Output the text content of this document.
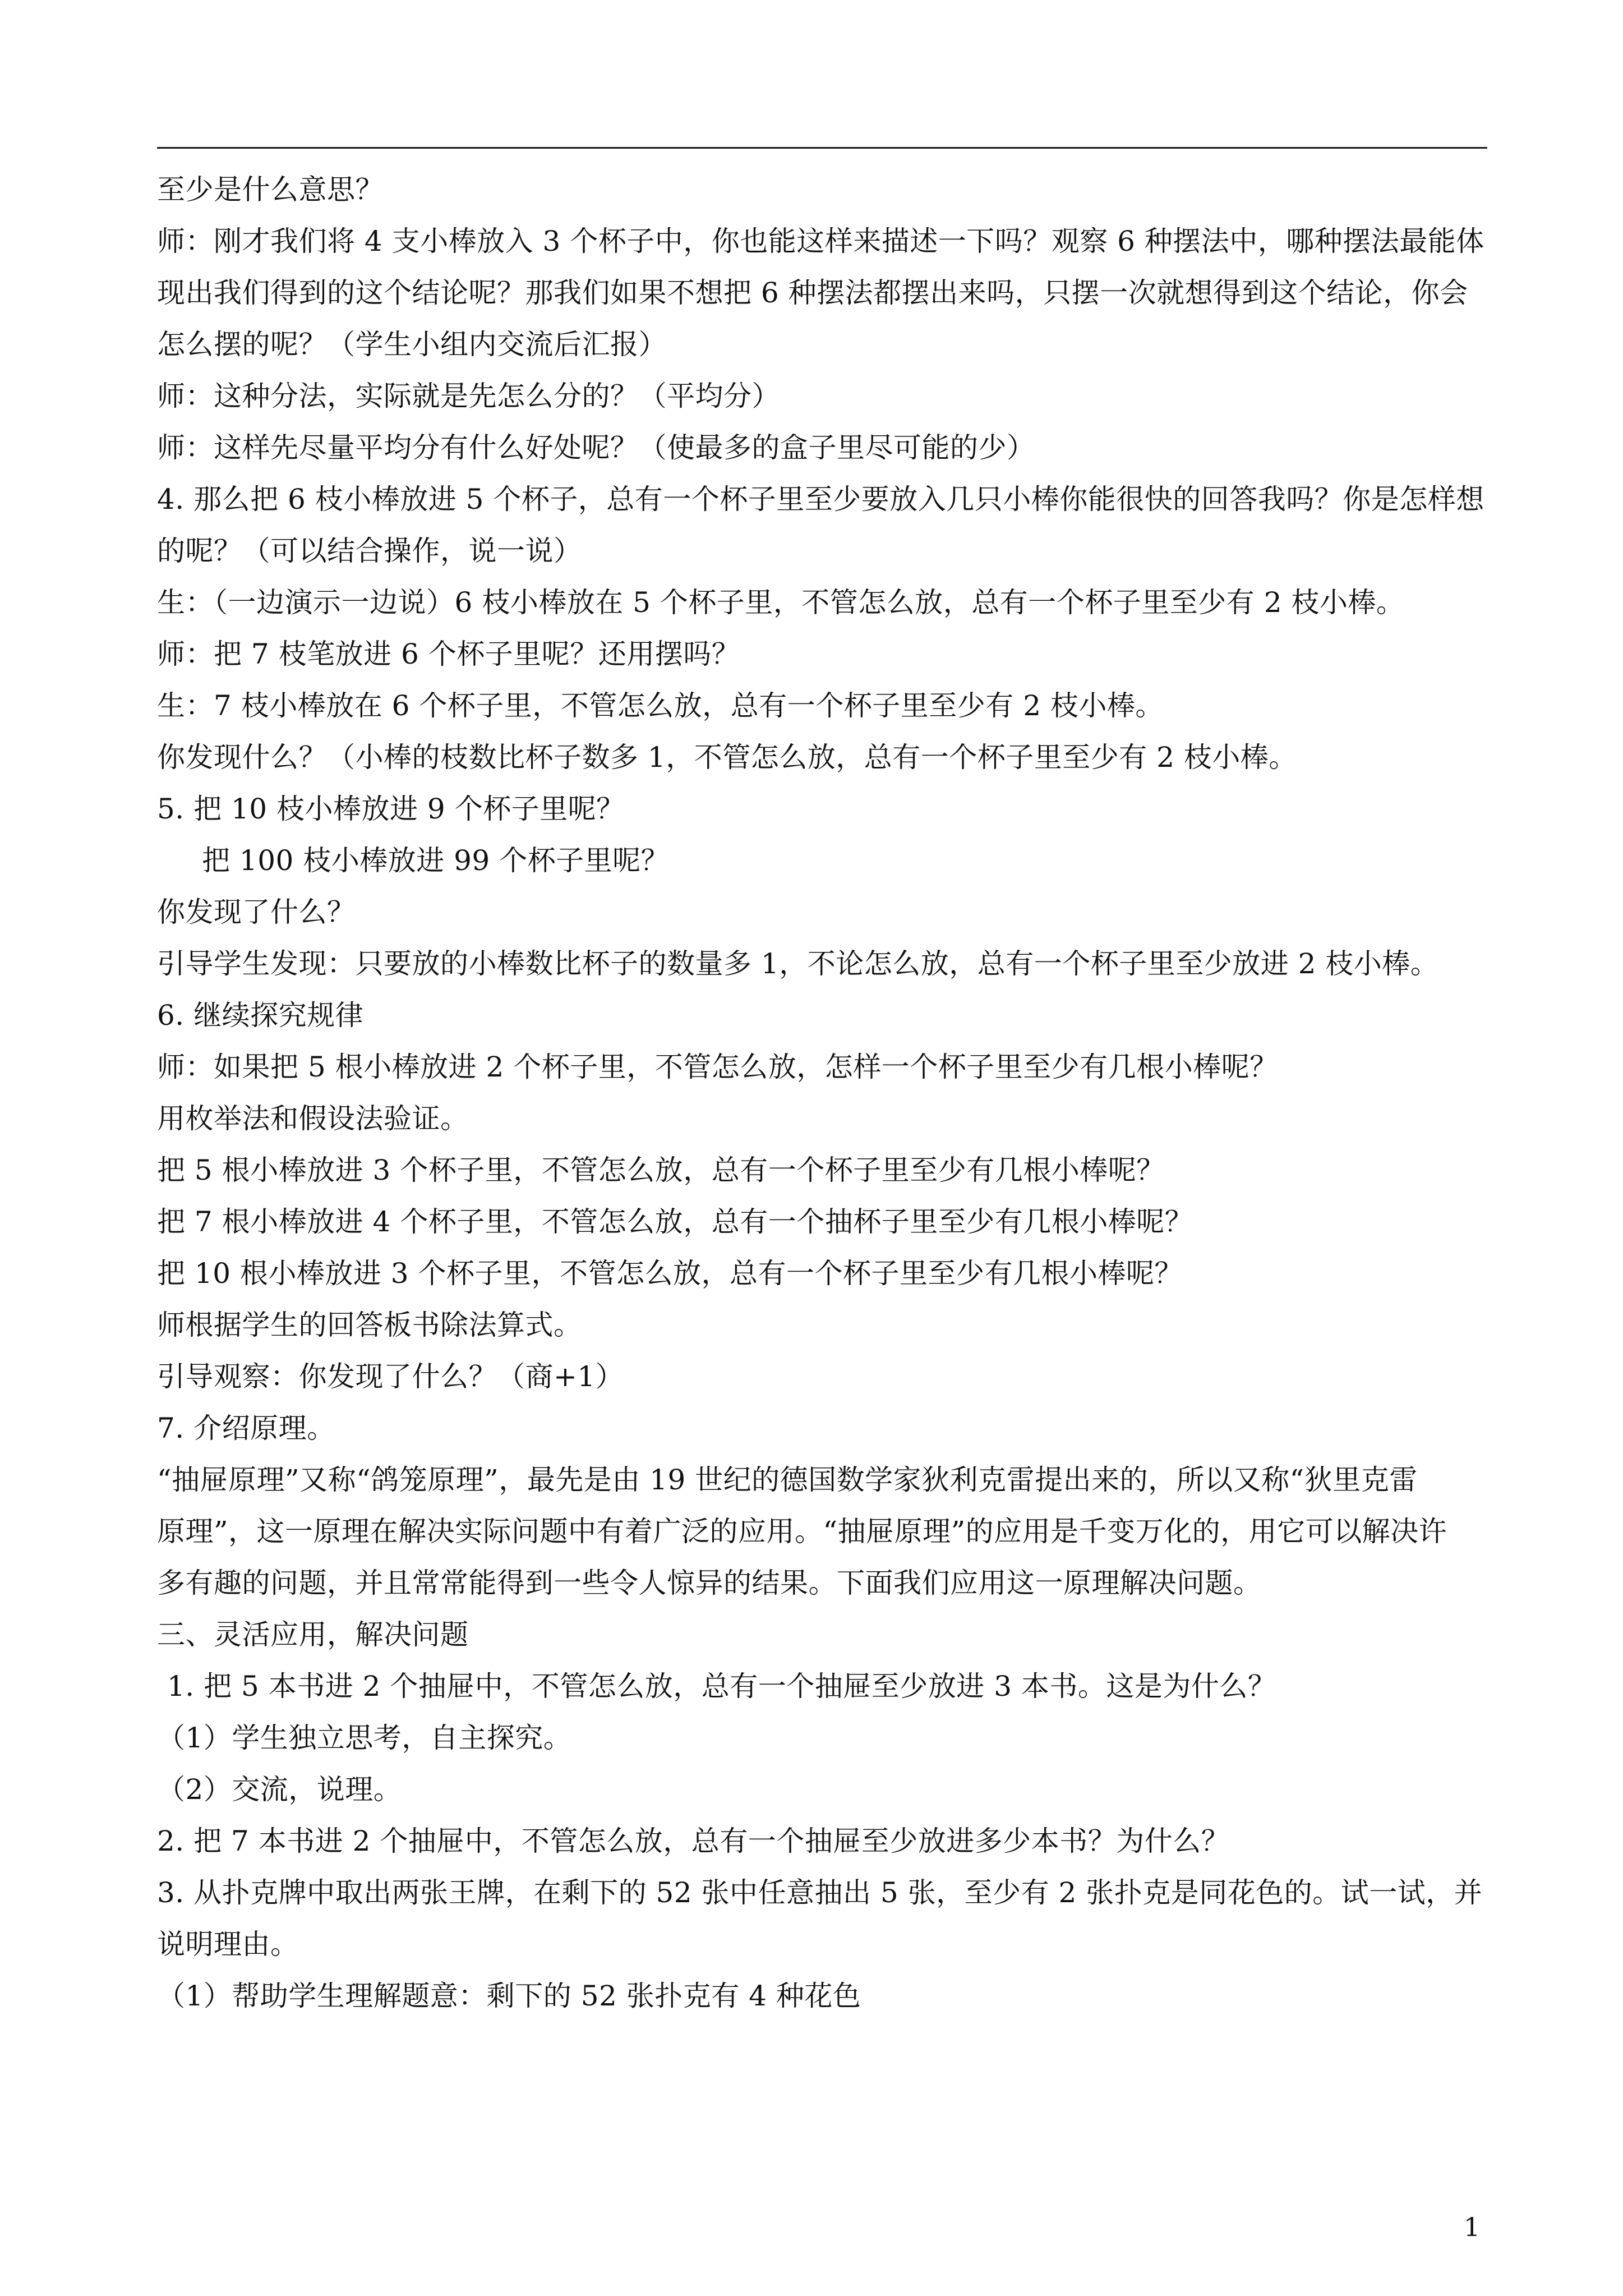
至少是什么意思？
师：刚才我们将 4 支小棒放入 3 个杯子中，你也能这样来描述一下吗？观察 6 种摆法中，哪种摆法最能体
现出我们得到的这个结论呢？那我们如果不想把 6 种摆法都摆出来吗，只摆一次就想得到这个结论，你会
怎么摆的呢？（学生小组内交流后汇报）
师：这种分法，实际就是先怎么分的？（平均分）
师：这样先尽量平均分有什么好处呢？（使最多的盒子里尽可能的少）
4. 那么把 6 枝小棒放进 5 个杯子，总有一个杯子里至少要放入几只小棒你能很快的回答我吗？你是怎样想
的呢？（可以结合操作，说一说）
生：（一边演示一边说）6 枝小棒放在 5 个杯子里，不管怎么放，总有一个杯子里至少有 2 枝小棒。
师：把 7 枝笔放进 6 个杯子里呢？还用摆吗？
生：7 枝小棒放在 6 个杯子里，不管怎么放，总有一个杯子里至少有 2 枝小棒。
你发现什么？（小棒的枝数比杯子数多 1，不管怎么放，总有一个杯子里至少有 2 枝小棒。
5. 把 10 枝小棒放进 9 个杯子里呢？
把 100 枝小棒放进 99 个杯子里呢？
你发现了什么？
引导学生发现：只要放的小棒数比杯子的数量多 1，不论怎么放，总有一个杯子里至少放进 2 枝小棒。
6. 继续探究规律
师：如果把 5 根小棒放进 2 个杯子里，不管怎么放，怎样一个杯子里至少有几根小棒呢？
用枚举法和假设法验证。
把 5 根小棒放进 3 个杯子里，不管怎么放，总有一个杯子里至少有几根小棒呢？
把 7 根小棒放进 4 个杯子里，不管怎么放，总有一个抽杯子里至少有几根小棒呢？
把 10 根小棒放进 3 个杯子里，不管怎么放，总有一个杯子里至少有几根小棒呢？
师根据学生的回答板书除法算式。
引导观察：你发现了什么？（商+1）
7. 介绍原理。
“抽屉原理”又称“鸽笼原理”，最先是由 19 世纪的德国数学家狄利克雷提出来的，所以又称“狄里克雷
原理”，这一原理在解决实际问题中有着广泛的应用。“抽屉原理”的应用是千变万化的，用它可以解决许
多有趣的问题，并且常常能得到一些令人惊异的结果。下面我们应用这一原理解决问题。
三、灵活应用，解决问题
1. 把 5 本书进 2 个抽屉中，不管怎么放，总有一个抽屉至少放进 3 本书。这是为什么？
（1）学生独立思考，自主探究。
（2）交流，说理。
2. 把 7 本书进 2 个抽屉中，不管怎么放，总有一个抽屉至少放进多少本书？为什么？
3. 从扑克牌中取出两张王牌，在剩下的 52 张中任意抽出 5 张，至少有 2 张扑克是同花色的。试一试，并
说明理由。
（1）帮助学生理解题意：剩下的 52 张扑克有 4 种花色
1
